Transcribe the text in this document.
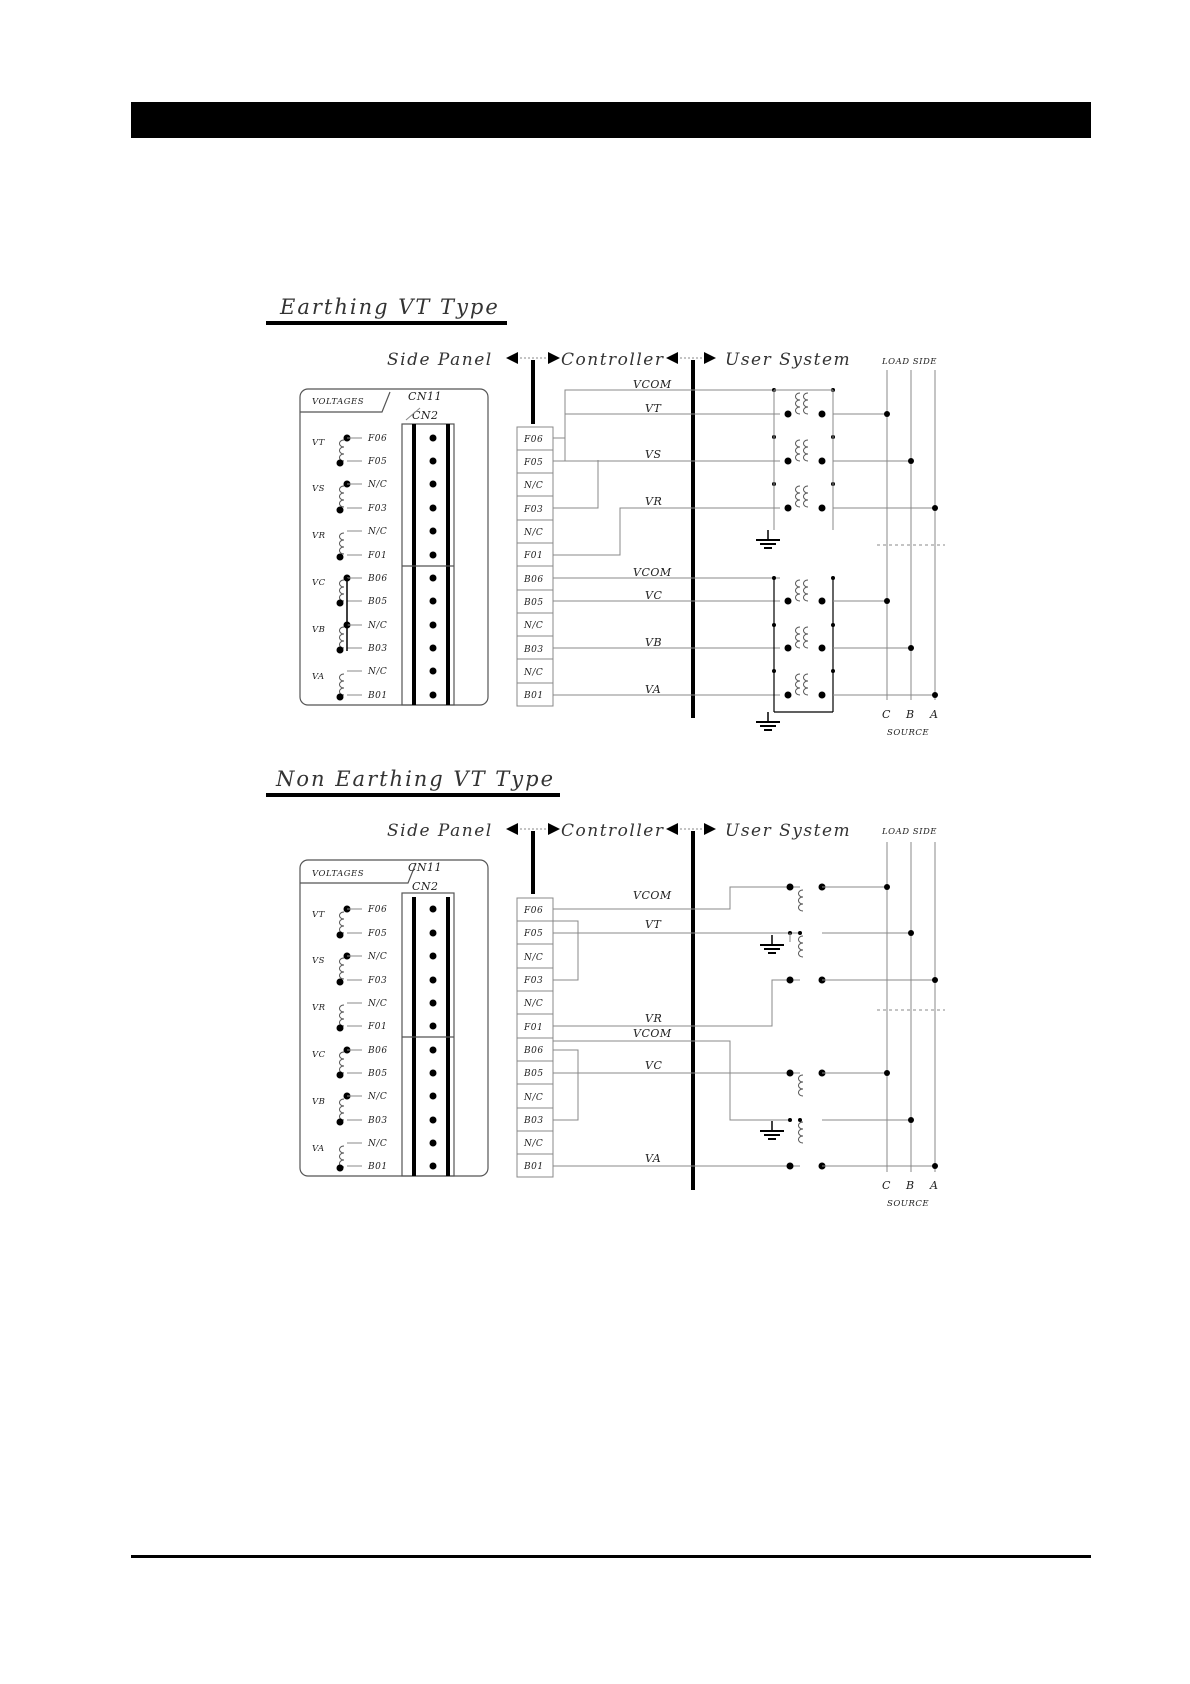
Earthing VT Type
Side Panel	Controller	User System	LOAD SIDE
VOLTAGES	CN11
CN2
VT
VS
VR
VC
VB
VA
F06
F05
N/C
F03
N/C
F01
B06
B05
N/C
B03
N/C
B01
F06
F05
N/C
F03
N/C
F01
B06
B05
N/C
B03
N/C
B01
VCOM
VT
VS
VR
VCOM
VC
VB
VA
C B A
SOURCE
Non Earthing VT Type
Side Panel	Controller	User System	LOAD SIDE
VOLTAGES	CN11
CN2
VT
VS
VR
VC
VB
VA
F06
F05
N/C
F03
N/C
F01
B06
B05
N/C
B03
N/C
B01
F06
F05
N/C
F03
N/C
F01
B06
B05
N/C
B03
N/C
B01
VCOM
VT
VR
VCOM
VC
VA
C B A
SOURCE
